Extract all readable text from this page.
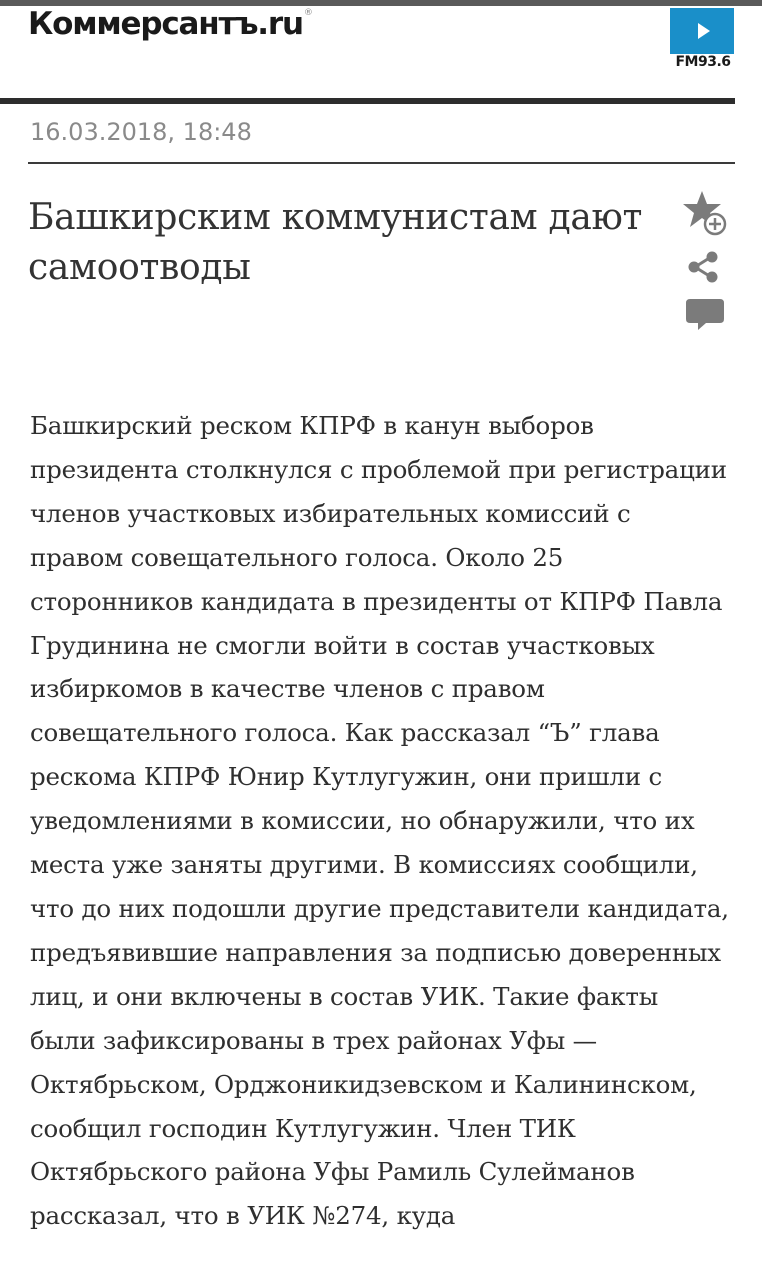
Коммерсантъ.ru ®
FM93.6
16.03.2018, 18:48
Башкирским коммунистам дают самоотводы

Башкирский реском КПРФ в канун выборов президента столкнулся с проблемой при регистрации членов участковых избирательных комиссий с правом совещательного голоса. Около 25 сторонников кандидата в президенты от КПРФ Павла Грудинина не смогли войти в состав участковых избиркомов в качестве членов с правом совещательного голоса. Как рассказал “Ъ” глава рескома КПРФ Юнир Кутлугужин, они пришли с уведомлениями в комиссии, но обнаружили, что их места уже заняты другими. В комиссиях сообщили, что до них подошли другие представители кандидата, предъявившие направления за подписью доверенных лиц, и они включены в состав УИК. Такие факты были зафиксированы в трех районах Уфы — Октябрьском, Орджоникидзевском и Калининском, сообщил господин Кутлугужин. Член ТИК Октябрьского района Уфы Рамиль Сулейманов рассказал, что в УИК №274, куда
